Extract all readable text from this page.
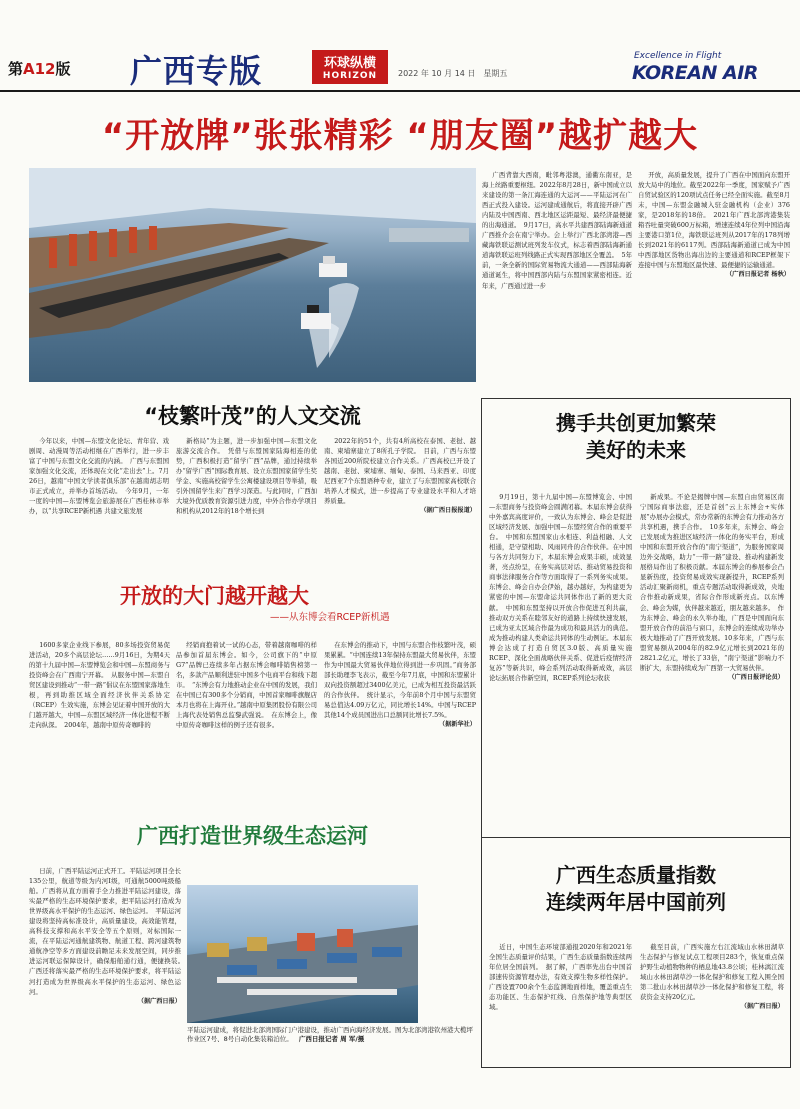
第A12版 广西专版	环球纵横
HORIZON	2022 年 10 月 14 日　星期五
Excellence in Flight
KOREAN AIR
“开放牌”张张精彩 “朋友圈”越扩越大

广西背靠大西南，毗邻粤港澳，通衢东南亚，是海上丝路重要枢纽。2022年8月28日，新中国成立以来建设的第一条江海连通的大运河——平陆运河在广西正式投入建设。运河建成通航后，将直接开辟广西内陆及中国西南、西北地区运距最短、最经济最便捷的出海通道。　9月17日，高水平共建西部陆海新通道广西推介会在南宁举办。会上举行广西北部湾港—西藏海铁联运测试班列发车仪式，标志着西部陆海新通道海铁联运班列线路正式实现西部地区全覆盖。　5年前，一条全新的国际贸易物流大通道——西部陆海新通道诞生，将中国西部内陆与东盟国家紧密相连。近年来，广西通过进一步

开放，高质量发展，提升了广西在中国面向东盟开放大局中的地位。截至2022年一季度，国家赋予广西自贸试验区的120项试点任务已经全面实施。截至8月末，中国—东盟金融城入驻金融机构（企业）376家，是2018年的18倍。　2021年广西北部湾港集装箱吞吐量突破600万标箱，增速连续4年位列中国沿海主要港口第1位，海铁联运班列从2017年的178列增长到2021年的6117列。西部陆海新通道已成为中国中西部地区货物出海出边的主要通道和RCEP框架下连接中国与东盟地区最快速、最便捷的运输通道。

（广西日报记者 杨秋）
“枝繁叶茂”的人文交流

今年以来，中国—东盟文化论坛、青年营、戏剧周、动漫周等活动相继在广西举行，进一步丰富了中国与东盟文化交流的内涵。　广西与东盟国家加强文化交流，还体现在文化“走出去”上。7月26日，越南“中国文学读者俱乐部”在越南胡志明市正式成立，并举办首场活动。　今年9月，一年一度的中国—东盟博览会旅游展在广西桂林市举办，以“共享RCEP新机遇 共建文旅发展

新格局”为主题，进一步加强中国—东盟文化旅游交流合作。　凭借与东盟国家陆海相连的优势，广西积极打造“留学广西”品牌，通过持续举办“留学广西”国际教育展、设立东盟国家留学生奖学金、实施高校留学生公寓楼建设项目等举措，吸引外国留学生来广西学习深造。与此同时，广西加大境外优质教育资源引进力度，中外合作办学项目和机构从2012年的18个增长到

2022年的51个，共有4所高校在泰国、老挝、越南、柬埔寨建立了8所孔子学院。　目前，广西与东盟各国近200所院校建立合作关系。广西高校已开设了越南、老挝、柬埔寨、缅甸、泰国、马来西亚、印度尼西亚7个东盟语种专业，建立了与东盟国家高校联合培养人才模式，进一步提高了专业建设水平和人才培养质量。

（据广西日报报道）
开放的大门越开越大
——从东博会看RCEP新机遇

1600多家企业线下参展，80多场投资贸易促进活动，20多个高层论坛……9月16日，为期4天的第十九届中国—东盟博览会和中国—东盟商务与投资峰会在广西南宁开幕。　从服务中国—东盟自贸区建设到推动“一带一路”倡议在东盟国家落地生根，再到助推区域全面经济伙伴关系协定（RCEP）生效实施，东博会见证着中国开放的大门越开越大，中国—东盟区域经济一体化进程不断走向纵深。　2004年，越南中原传奇咖啡的

经销商抱着试一试的心态，带着越南咖啡的样品参加首届东博会。如今，公司旗下的“中原G7”品牌已连续多年占据东博会咖啡销售榜第一名，多款产品顺利进驻中国多个电商平台和线下超市。　“东博会有力地推动企业在中国的发展，我们在中国已有300多个分销商，中国首家咖啡旗舰店本月也将在上海开业。”越南中原集团股份有限公司上海代表处销售总监黎武强说。　在东博会上，像中原传奇咖啡这样的例子还有很多。

在东博会的推动下，中国与东盟合作枝繁叶茂，硕果累累。“中国连续13年保持东盟最大贸易伙伴，东盟作为中国最大贸易伙伴地位得到进一步巩固。”商务部部长助理李飞表示，截至今年7月底，中国和东盟累计双向投资额超过3400亿美元，已成为相互投资最活跃的合作伙伴。　统计显示，今年前8个月中国与东盟贸易总值达4.09万亿元，同比增长14%。中国与RCEP其他14个成员国进出口总额同比增长7.5%。

（据新华社）
广西打造世界级生态运河

日前，广西平陆运河正式开工。平陆运河项目全长135公里，航道等级为内河I级，可通航5000吨级船舶。广西将从直方面着手全力推进平陆运河建设，落实最严格的生态环境保护要求，把平陆运河打造成为世界级高水平保护的生态运河、绿色运河。　平陆运河建设将坚持高标准设计，高质量建设，高效能管理，高科技支撑和高水平安全等五个原则，对标国际一流，在平陆运河通航建筑物、航道工程、跨河建筑物通航净空等多方面建设前瞻足未来发展空间，同步推进运河联运保障设计，确保船舶通行通，便捷换装。　广西还将落实最严格的生态环境保护要求，将平陆运河打造成为世界级高水平保护的生态运河、绿色运河。

（据广西日报）
平陆运河建成，将促进北部湾国际门户港建设，推动广西向海经济发展。图为北部湾港钦州港大榄坪作业区7号、8号自动化集装箱泊位。 广西日报记者 周 军/摄
携手共创更加繁荣
美好的未来

9月19日，第十九届中国—东盟博览会、中国—东盟商务与投资峰会圆满闭幕。本届东博会获得中外嘉宾高度评价，一致认为东博会、峰会是促进区域经济发展、加强中国—东盟经贸合作的重要平台。　中国和东盟国家山水相连、利益相融、人文相通，是守望相助、风雨同舟的合作伙伴。在中国与各方共同努力下，本届东博会成果丰硕，成效显著，亮点纷呈，在务实高层对话、推动贸易投资和商事法律服务合作等方面取得了一系列务实成果。东博会、峰会自办会伊始，越办越好，为构建更为紧密的中国—东盟命运共同体作出了新的更大贡献。　中国和东盟坚持以开放合作促进互利共赢，推动双方关系在睦邻友好的道路上持续快速发展，已成为亚太区域合作最为成功和最具活力的典范。成为推动构建人类命运共同体的生动例证。本届东博会达成了打造自贸区3.0版、高质量实施RCEP、深化全面战略伙伴关系、促进后疫情经济复苏”等新共识，峰会系列活动取得新成效，高层论坛拓展合作新空间，RCEP系列论坛收获

新成果。不论是揭牌中国—东盟自由贸易区南宁国际商事法庭，还是首创“云上东博会+实体展”办展办会模式，常办常新的东博会有力推动各方共享机遇，携手合作。　10多年来，东博会、峰会已发展成为推进区域经济一体化的务实平台，形成中国和东盟开放合作的“南宁渠道”，为服务国家周边外交战略，助力“一带一路”建设、推动构建新发展格局作出了积极贡献。本届东博会的参展参会凸显新热度，投资贸易成效实现新提升，RCEP系列活动汇聚新商机，重点专题活动取得新成效，央地合作推动新成果，省际合作形成新亮点。以东博会、峰会为媒，伙伴越来越近，朋友越来越多。　作为东博会、峰会的永久举办地，广西是中国面向东盟开放合作的前沿与窗口，东博会的连续成功举办极大地推动了广西开放发展。10多年来，广西与东盟贸易额从2004年的82.9亿元增长到2021年的2821.2亿元，增长了33倍，“南宁渠道”影响力不断扩大，东盟持续成为广西第一大贸易伙伴。

（广西日报评论员）
广西生态质量指数
连续两年居中国前列

近日，中国生态环境部通报2020年和2021年全国生态质量评价结果，广西生态质量指数连续两年位居全国前列。　据了解，广西率先出台中国首部速传资源管理办法，有效支撑生物多样性保护。广西设置700余个生态监测地面样地，覆盖重点生态功能区、生态保护红线、自然保护地等典型区域。

截至目前，广西实施左右江流域山水林田湖草生态保护与修复试点工程项目283个，恢复重点保护野生动植物物种的栖息地43.8公顷；桂林漓江流域山水林田湖草沙一体化保护和修复工程入围全国第二批山水林田湖草沙一体化保护和修复工程，将获资金支持20亿元。

（据广西日报）
